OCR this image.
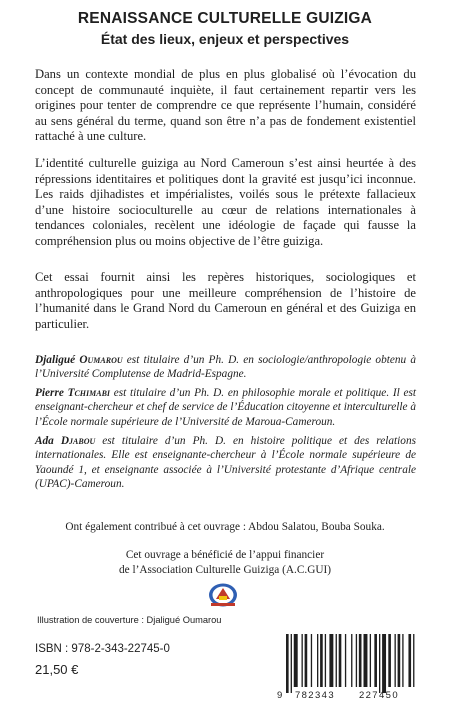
RENAISSANCE CULTURELLE GUIZIGA
État des lieux, enjeux et perspectives

Dans un contexte mondial de plus en plus globalisé où l’évocation du concept de communauté inquiète, il faut certainement repartir vers les origines pour tenter de comprendre ce que représente l’humain, considéré au sens général du terme, quand son être n’a pas de fondement existentiel rattaché à une culture.

L’identité culturelle guiziga au Nord Cameroun s’est ainsi heurtée à des répressions identitaires et politiques dont la gravité est jusqu’ici inconnue. Les raids djihadistes et impérialistes, voilés sous le prétexte fallacieux d’une histoire socioculturelle au cœur de relations internationales à tendances coloniales, recèlent une idéologie de façade qui fausse la compréhension plus ou moins objective de l’être guiziga.

Cet essai fournit ainsi les repères historiques, sociologiques et anthropologiques pour une meilleure compréhension de l’histoire de l’humanité dans le Grand Nord du Cameroun en général et des Guiziga en particulier.

Djaligué Oumarou est titulaire d’un Ph. D. en sociologie/anthropologie obtenu à l’Université Complutense de Madrid-Espagne.

Pierre Tchimabi est titulaire d’un Ph. D. en philosophie morale et politique. Il est enseignant-chercheur et chef de service de l’Éducation citoyenne et interculturelle à l’École normale supérieure de l’Université de Maroua-Cameroun.

Ada Djabou est titulaire d’un Ph. D. en histoire politique et des relations internationales. Elle est enseignante-chercheur à l’École normale supérieure de Yaoundé 1, et enseignante associée à l’Université protestante d’Afrique centrale (UPAC)-Cameroun.

Ont également contribué à cet ouvrage : Abdou Salatou, Bouba Souka.
Cet ouvrage a bénéficié de l’appui financier
de l’Association Culturelle Guiziga (A.C.GUI)
Illustration de couverture : Djaligué Oumarou
ISBN : 978-2-343-22745-0
21,50 €
9 782343	227450
